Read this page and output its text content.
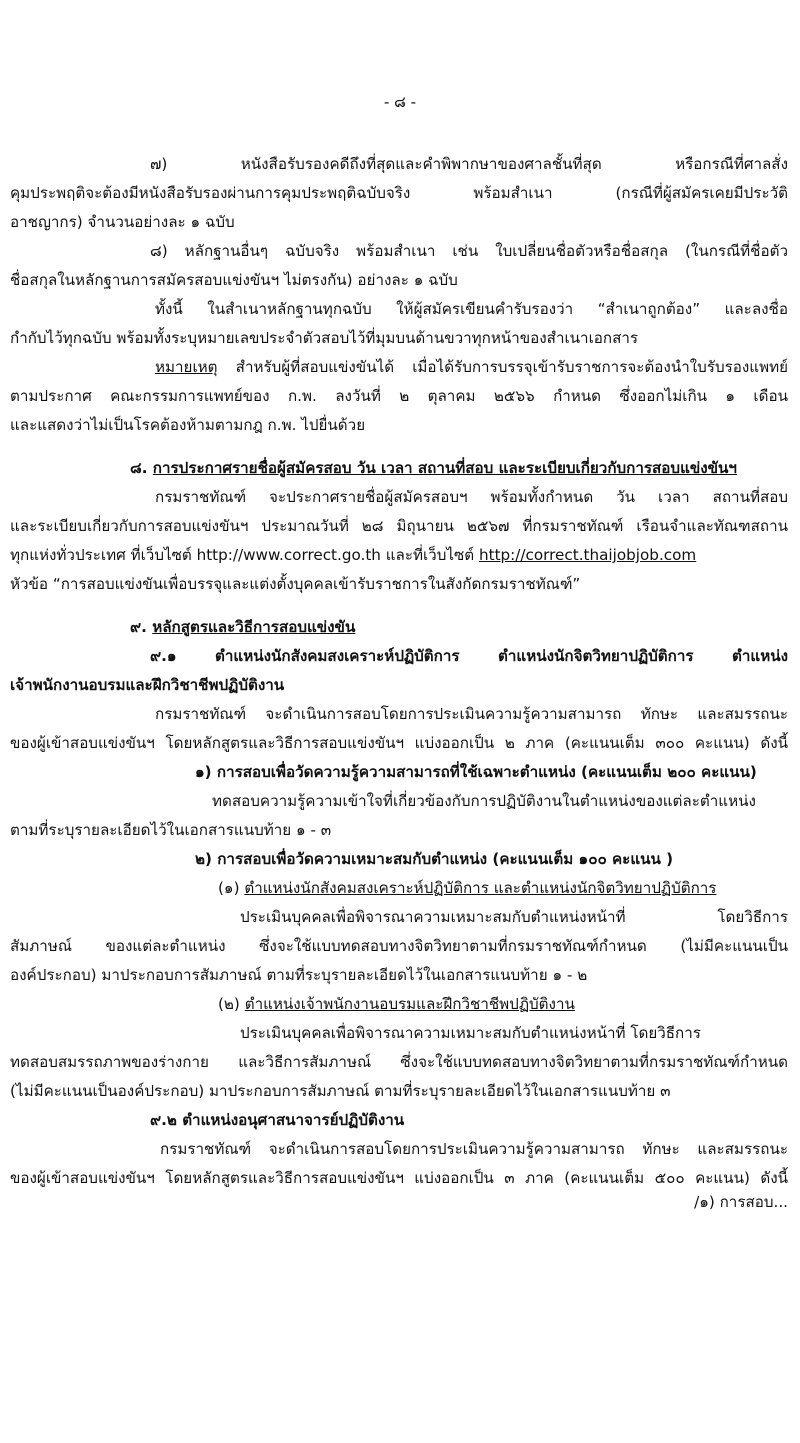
- ๘ -
๗) หนังสือรับรองคดีถึงที่สุดและคำพิพากษาของศาลชั้นที่สุด หรือกรณีที่ศาลสั่ง
คุมประพฤติจะต้องมีหนังสือรับรองผ่านการคุมประพฤติฉบับจริง พร้อมสำเนา (กรณีที่ผู้สมัครเคยมีประวัติ
อาชญากร) จำนวนอย่างละ ๑ ฉบับ
๘) หลักฐานอื่นๆ ฉบับจริง พร้อมสำเนา เช่น ใบเปลี่ยนชื่อตัวหรือชื่อสกุล (ในกรณีที่ชื่อตัว
ชื่อสกุลในหลักฐานการสมัครสอบแข่งขันฯ ไม่ตรงกัน) อย่างละ ๑ ฉบับ
ทั้งนี้ ในสำเนาหลักฐานทุกฉบับ ให้ผู้สมัครเขียนคำรับรองว่า “สำเนาถูกต้อง” และลงชื่อ
กำกับไว้ทุกฉบับ พร้อมทั้งระบุหมายเลขประจำตัวสอบไว้ที่มุมบนด้านขวาทุกหน้าของสำเนาเอกสาร
หมายเหตุ สำหรับผู้ที่สอบแข่งขันได้ เมื่อได้รับการบรรจุเข้ารับราชการจะต้องนำใบรับรองแพทย์
ตามประกาศ คณะกรรมการแพทย์ของ ก.พ. ลงวันที่ ๒ ตุลาคม ๒๕๖๖ กำหนด ซึ่งออกไม่เกิน ๑ เดือน
และแสดงว่าไม่เป็นโรคต้องห้ามตามกฎ ก.พ. ไปยื่นด้วย
๘. การประกาศรายชื่อผู้สมัครสอบ วัน เวลา สถานที่สอบ และระเบียบเกี่ยวกับการสอบแข่งขันฯ
กรมราชทัณฑ์ จะประกาศรายชื่อผู้สมัครสอบฯ พร้อมทั้งกำหนด วัน เวลา สถานที่สอบ
และระเบียบเกี่ยวกับการสอบแข่งขันฯ ประมาณวันที่ ๒๘ มิถุนายน ๒๕๖๗ ที่กรมราชทัณฑ์ เรือนจำและทัณฑสถาน
ทุกแห่งทั่วประเทศ ที่เว็บไซต์ http://www.correct.go.th และที่เว็บไซต์ http://correct.thaijobjob.com
หัวข้อ “การสอบแข่งขันเพื่อบรรจุและแต่งตั้งบุคคลเข้ารับราชการในสังกัดกรมราชทัณฑ์”
๙. หลักสูตรและวิธีการสอบแข่งขัน
๙.๑ ตำแหน่งนักสังคมสงเคราะห์ปฏิบัติการ ตำแหน่งนักจิตวิทยาปฏิบัติการ ตำแหน่ง
เจ้าพนักงานอบรมและฝึกวิชาชีพปฏิบัติงาน
กรมราชทัณฑ์ จะดำเนินการสอบโดยการประเมินความรู้ความสามารถ ทักษะ และสมรรถนะ
ของผู้เข้าสอบแข่งขันฯ โดยหลักสูตรและวิธีการสอบแข่งขันฯ แบ่งออกเป็น ๒ ภาค (คะแนนเต็ม ๓๐๐ คะแนน) ดังนี้
๑) การสอบเพื่อวัดความรู้ความสามารถที่ใช้เฉพาะตำแหน่ง (คะแนนเต็ม ๒๐๐ คะแนน)
ทดสอบความรู้ความเข้าใจที่เกี่ยวข้องกับการปฏิบัติงานในตำแหน่งของแต่ละตำแหน่ง
ตามที่ระบุรายละเอียดไว้ในเอกสารแนบท้าย ๑ - ๓
๒) การสอบเพื่อวัดความเหมาะสมกับตำแหน่ง (คะแนนเต็ม ๑๐๐ คะแนน )
(๑) ตำแหน่งนักสังคมสงเคราะห์ปฏิบัติการ และตำแหน่งนักจิตวิทยาปฏิบัติการ
ประเมินบุคคลเพื่อพิจารณาความเหมาะสมกับตำแหน่งหน้าที่ โดยวิธีการ
สัมภาษณ์ ของแต่ละตำแหน่ง ซึ่งจะใช้แบบทดสอบทางจิตวิทยาตามที่กรมราชทัณฑ์กำหนด (ไม่มีคะแนนเป็น
องค์ประกอบ) มาประกอบการสัมภาษณ์ ตามที่ระบุรายละเอียดไว้ในเอกสารแนบท้าย ๑ - ๒
(๒) ตำแหน่งเจ้าพนักงานอบรมและฝึกวิชาชีพปฏิบัติงาน
ประเมินบุคคลเพื่อพิจารณาความเหมาะสมกับตำแหน่งหน้าที่ โดยวิธีการ
ทดสอบสมรรถภาพของร่างกาย และวิธีการสัมภาษณ์ ซึ่งจะใช้แบบทดสอบทางจิตวิทยาตามที่กรมราชทัณฑ์กำหนด
(ไม่มีคะแนนเป็นองค์ประกอบ) มาประกอบการสัมภาษณ์ ตามที่ระบุรายละเอียดไว้ในเอกสารแนบท้าย ๓
๙.๒ ตำแหน่งอนุศาสนาจารย์ปฏิบัติงาน
กรมราชทัณฑ์ จะดำเนินการสอบโดยการประเมินความรู้ความสามารถ ทักษะ และสมรรถนะ
ของผู้เข้าสอบแข่งขันฯ โดยหลักสูตรและวิธีการสอบแข่งขันฯ แบ่งออกเป็น ๓ ภาค (คะแนนเต็ม ๕๐๐ คะแนน) ดังนี้
/๑) การสอบ...
